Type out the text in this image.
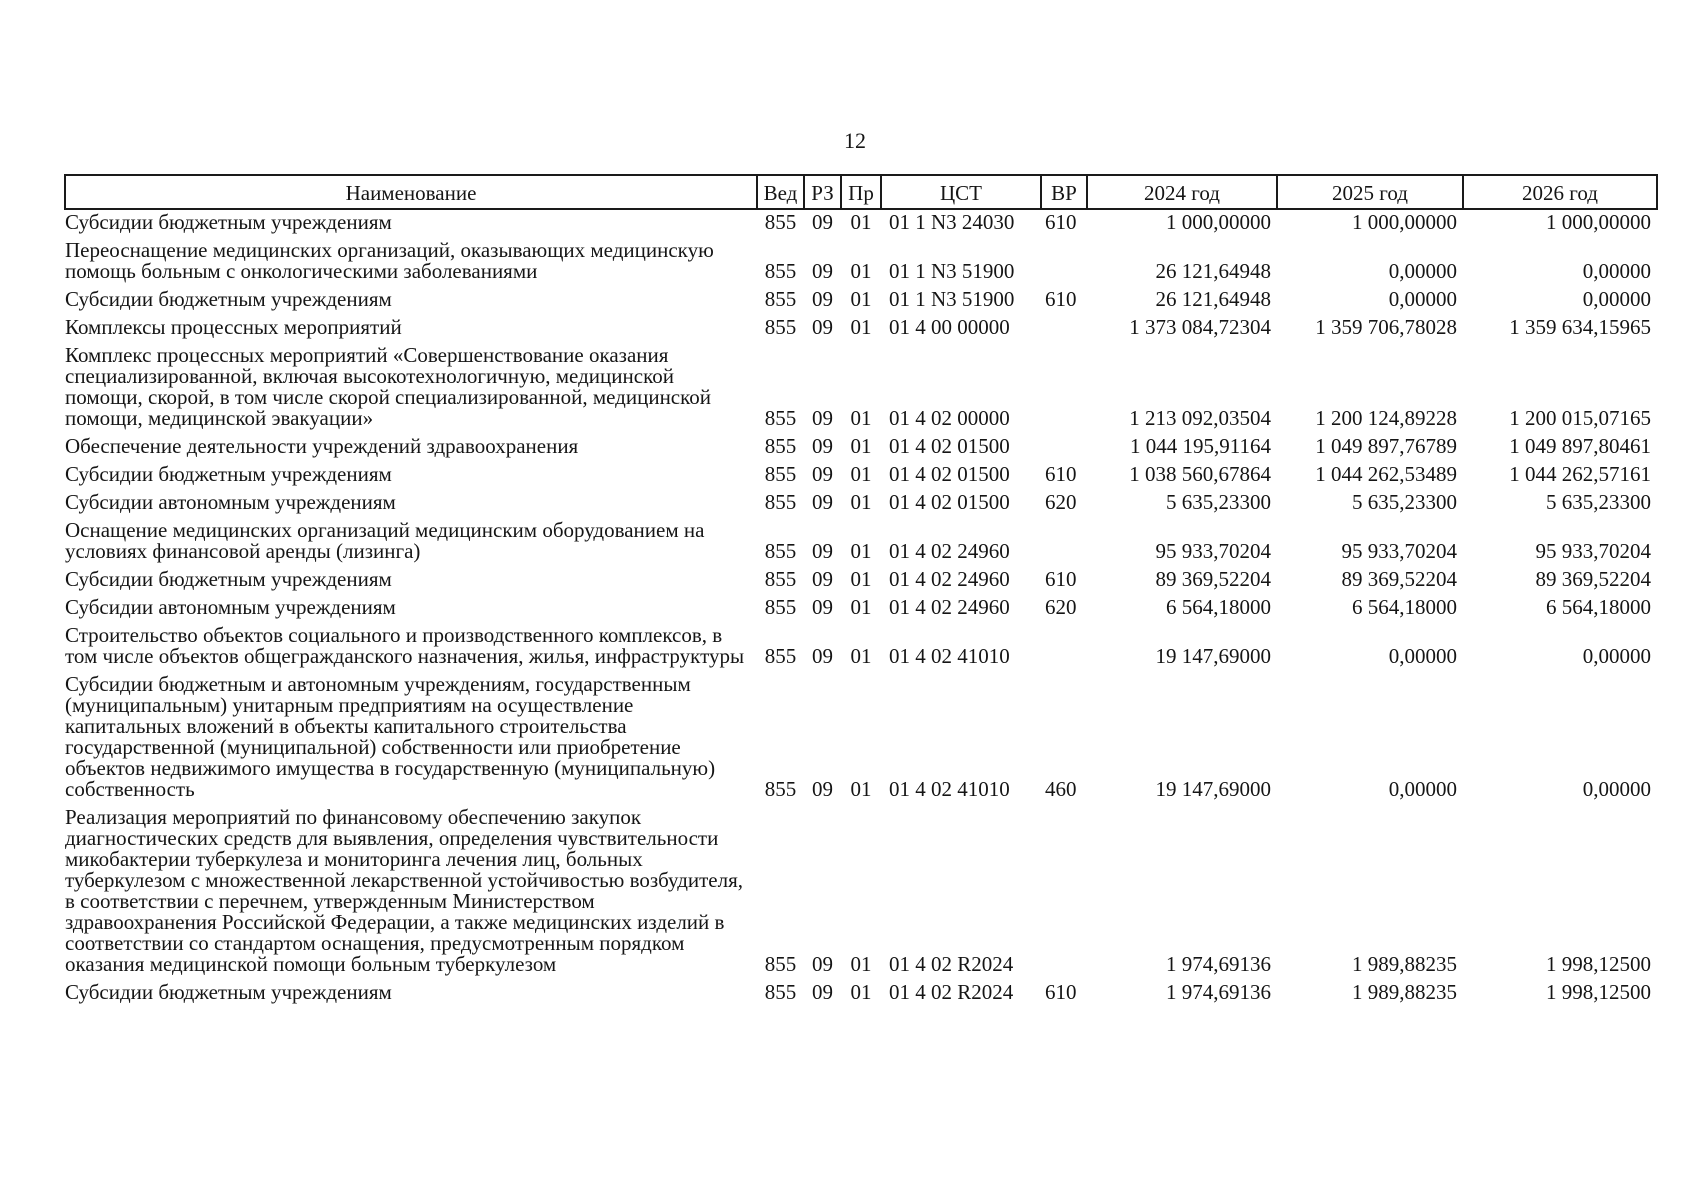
12
Наименование	Вед	РЗ	Пр	ЦСТ	ВР	2024 год	2025 год	2026 год

Субсидии бюджетным учреждениям	855	09	01	01 1 N3 24030	610	1 000,00000	1 000,00000	1 000,00000

Переоснащение медицинских организаций, оказывающих медицинскую помощь больным с онкологическими заболеваниями	855	09	01	01 1 N3 51900		26 121,64948	0,00000	0,00000

Субсидии бюджетным учреждениям	855	09	01	01 1 N3 51900	610	26 121,64948	0,00000	0,00000

Комплексы процессных мероприятий	855	09	01	01 4 00 00000		1 373 084,72304	1 359 706,78028	1 359 634,15965

Комплекс процессных мероприятий «Совершенствование оказания специализированной, включая высокотехнологичную, медицинской помощи, скорой, в том числе скорой специализированной, медицинской помощи, медицинской эвакуации»	855	09	01	01 4 02 00000		1 213 092,03504	1 200 124,89228	1 200 015,07165

Обеспечение деятельности учреждений здравоохранения	855	09	01	01 4 02 01500		1 044 195,91164	1 049 897,76789	1 049 897,80461

Субсидии бюджетным учреждениям	855	09	01	01 4 02 01500	610	1 038 560,67864	1 044 262,53489	1 044 262,57161

Субсидии автономным учреждениям	855	09	01	01 4 02 01500	620	5 635,23300	5 635,23300	5 635,23300

Оснащение медицинских организаций медицинским оборудованием на условиях финансовой аренды (лизинга)	855	09	01	01 4 02 24960		95 933,70204	95 933,70204	95 933,70204

Субсидии бюджетным учреждениям	855	09	01	01 4 02 24960	610	89 369,52204	89 369,52204	89 369,52204

Субсидии автономным учреждениям	855	09	01	01 4 02 24960	620	6 564,18000	6 564,18000	6 564,18000

Строительство объектов социального и производственного комплексов, в том числе объектов общегражданского назначения, жилья, инфраструктуры	855	09	01	01 4 02 41010		19 147,69000	0,00000	0,00000

Субсидии бюджетным и автономным учреждениям, государственным (муниципальным) унитарным предприятиям на осуществление капитальных вложений в объекты капитального строительства государственной (муниципальной) собственности или приобретение объектов недвижимого имущества в государственную (муниципальную) собственность	855	09	01	01 4 02 41010	460	19 147,69000	0,00000	0,00000

Реализация мероприятий по финансовому обеспечению закупок диагностических средств для выявления, определения чувствительности микобактерии туберкулеза и мониторинга лечения лиц, больных туберкулезом с множественной лекарственной устойчивостью возбудителя, в соответствии с перечнем, утвержденным Министерством здравоохранения Российской Федерации, а также медицинских изделий в соответствии со стандартом оснащения, предусмотренным порядком оказания медицинской помощи больным туберкулезом	855	09	01	01 4 02 R2024		1 974,69136	1 989,88235	1 998,12500

Субсидии бюджетным учреждениям	855	09	01	01 4 02 R2024	610	1 974,69136	1 989,88235	1 998,12500
